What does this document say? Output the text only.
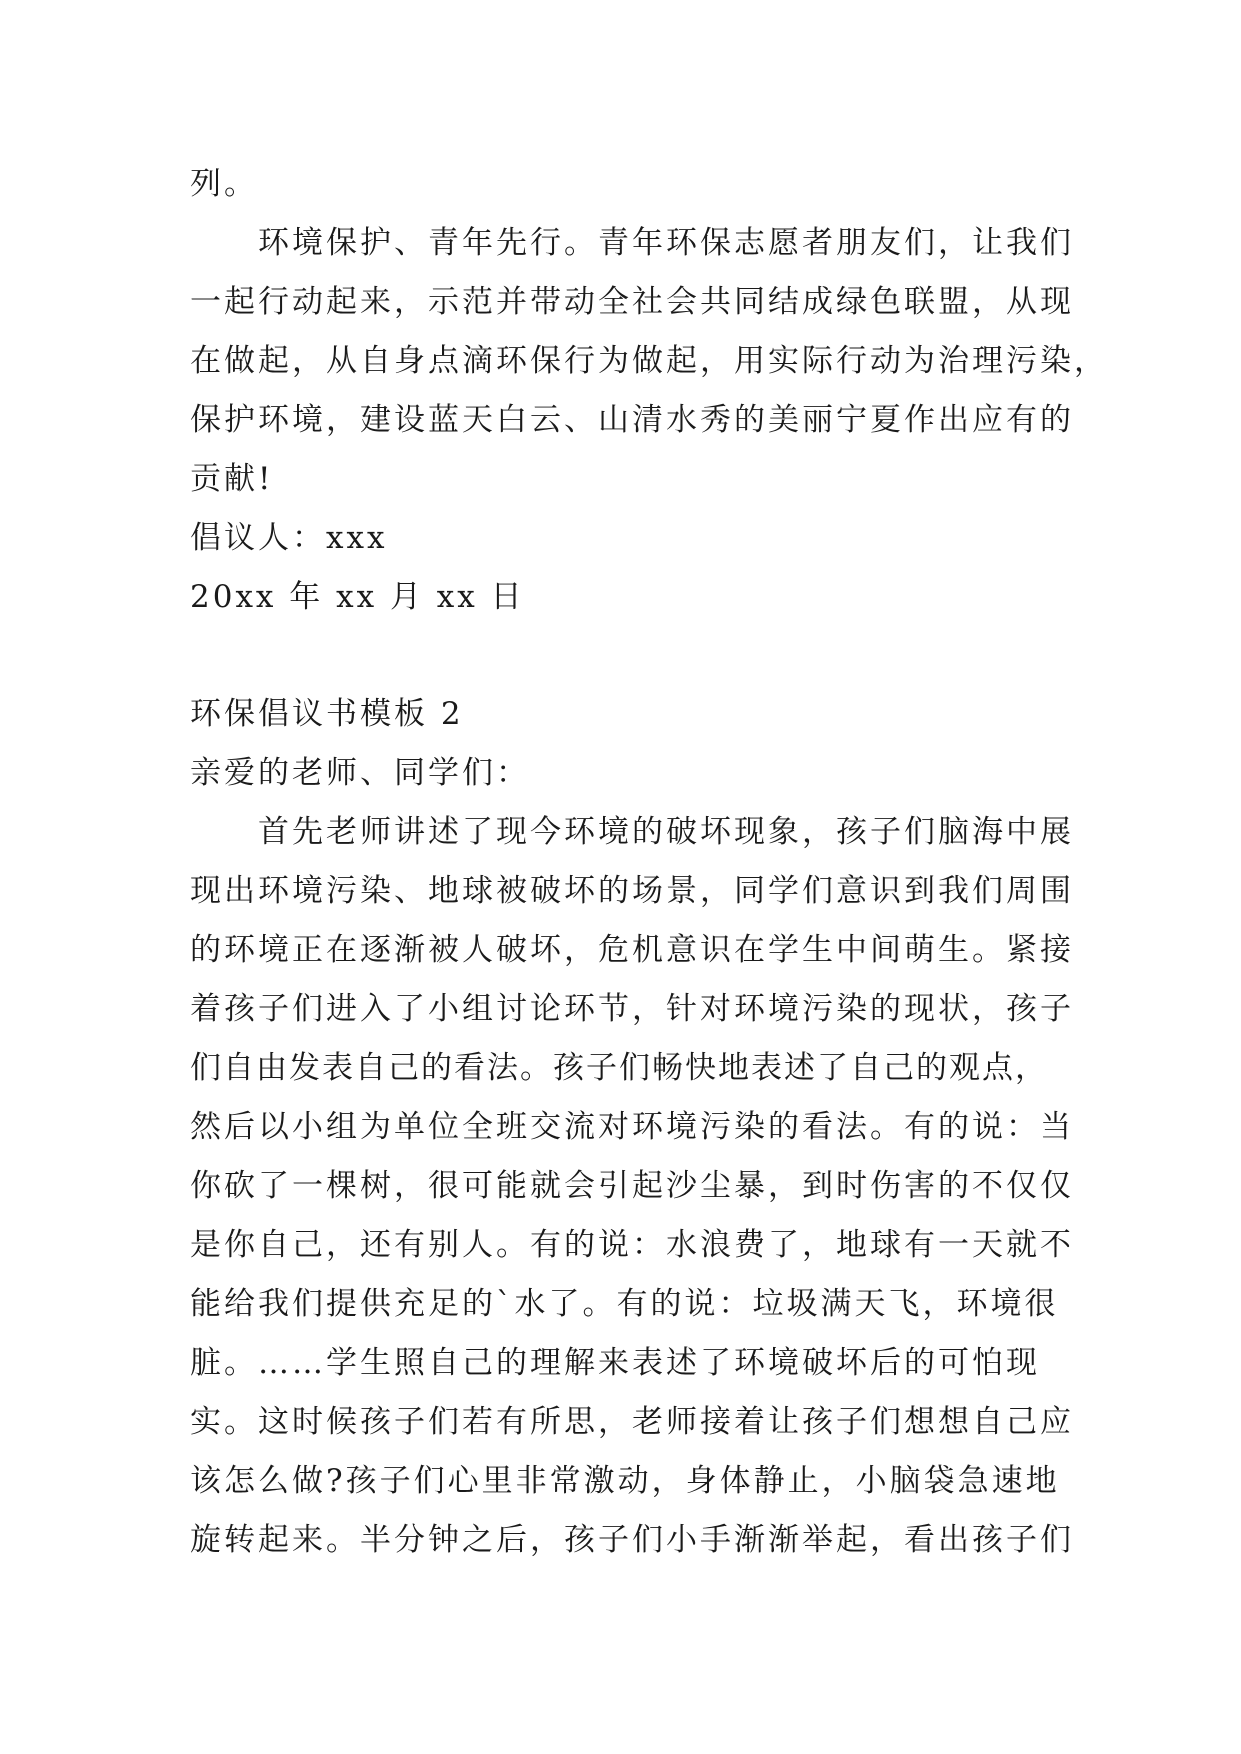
列。
环境保护、青年先行。青年环保志愿者朋友们，让我们
一起行动起来，示范并带动全社会共同结成绿色联盟，从现
在做起，从自身点滴环保行为做起，用实际行动为治理污染，
保护环境，建设蓝天白云、山清水秀的美丽宁夏作出应有的
贡献!
倡议人：xxx
20xx 年 xx 月 xx 日
环保倡议书模板 2
亲爱的老师、同学们：
首先老师讲述了现今环境的破坏现象，孩子们脑海中展
现出环境污染、地球被破坏的场景，同学们意识到我们周围
的环境正在逐渐被人破坏，危机意识在学生中间萌生。紧接
着孩子们进入了小组讨论环节，针对环境污染的现状，孩子
们自由发表自己的看法。孩子们畅快地表述了自己的观点，
然后以小组为单位全班交流对环境污染的看法。有的说：当
你砍了一棵树，很可能就会引起沙尘暴，到时伤害的不仅仅
是你自己，还有别人。有的说：水浪费了，地球有一天就不
能给我们提供充足的`水了。有的说：垃圾满天飞，环境很
脏。……学生照自己的理解来表述了环境破坏后的可怕现
实。这时候孩子们若有所思，老师接着让孩子们想想自己应
该怎么做?孩子们心里非常激动，身体静止，小脑袋急速地
旋转起来。半分钟之后，孩子们小手渐渐举起，看出孩子们
